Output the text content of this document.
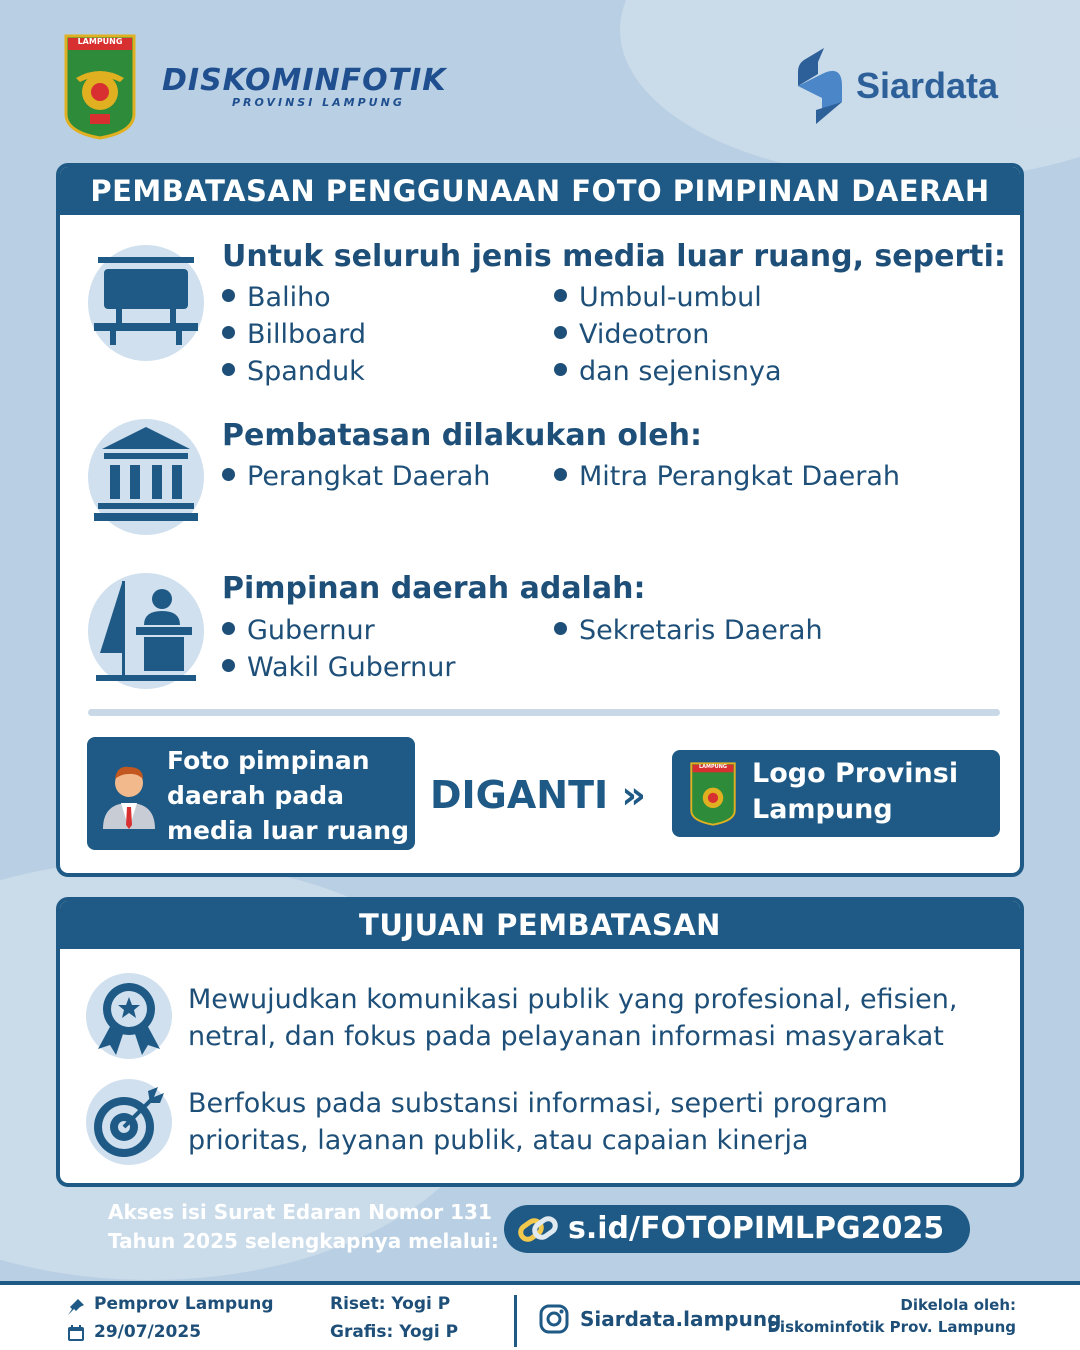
LAMPUNG
DISKOMINFOTIK
PROVINSI LAMPUNG	Siardata
PEMBATASAN PENGGUNAAN FOTO PIMPINAN DAERAH
Untuk seluruh jenis media luar ruang, seperti:
Baliho
Billboard
Spanduk
Umbul-umbul
Videotron
dan sejenisnya
Pembatasan dilakukan oleh:
Perangkat Daerah	Mitra Perangkat Daerah
Pimpinan daerah adalah:
Gubernur
Wakil Gubernur
Sekretaris Daerah
Foto pimpinan daerah pada media luar ruang
DIGANTI »
LAMPUNG Logo Provinsi Lampung
TUJUAN PEMBATASAN
Mewujudkan komunikasi publik yang profesional, efisien, netral, dan fokus pada pelayanan informasi masyarakat
Berfokus pada substansi informasi, seperti program prioritas, layanan publik, atau capaian kinerja
Akses isi Surat Edaran Nomor 131
Tahun 2025 selengkapnya melalui: s.id/FOTOPIMLPG2025
Pemprov Lampung
29/07/2025
Riset: Yogi P
Grafis: Yogi P
Siardata.lampung
Dikelola oleh:
Diskominfotik Prov. Lampung
